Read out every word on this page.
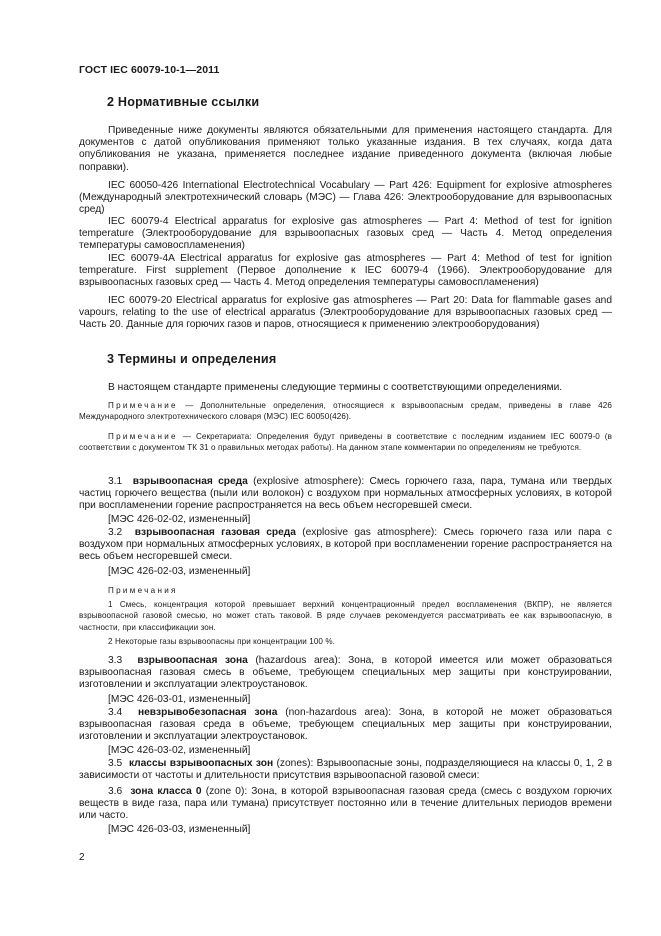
ГОСТ IEC 60079-10-1—2011
2 Нормативные ссылки
Приведенные ниже документы являются обязательными для применения настоящего стандарта. Для документов с датой опубликования применяют только указанные издания. В тех случаях, когда дата опубликования не указана, применяется последнее издание приведенного документа (включая любые поправки).
IEC 60050-426 International Electrotechnical Vocabulary — Part 426: Equipment for explosive atmospheres (Международный электротехнический словарь (МЭС) — Глава 426: Электрооборудование для взрывоопасных сред)
IEC 60079-4 Electrical apparatus for explosive gas atmospheres — Part 4: Method of test for ignition temperature (Электрооборудование для взрывоопасных газовых сред — Часть 4. Метод определения температуры самовоспламенения)
IEC 60079-4A Electrical apparatus for explosive gas atmospheres — Part 4: Method of test for ignition temperature. First supplement (Первое дополнение к IEC 60079-4 (1966). Электрооборудование для взрывоопасных газовых сред — Часть 4. Метод определения температуры самовоспламенения)
IEC 60079-20 Electrical apparatus for explosive gas atmospheres — Part 20: Data for flammable gases and vapours, relating to the use of electrical apparatus (Электрооборудование для взрывоопасных газовых сред — Часть 20. Данные для горючих газов и паров, относящиеся к применению электрооборудования)
3 Термины и определения
В настоящем стандарте применены следующие термины с соответствующими определениями.
Примечание — Дополнительные определения, относящиеся к взрывоопасным средам, приведены в главе 426 Международного электротехнического словаря (МЭС) IEC 60050(426).
Примечание — Секретариата: Определения будут приведены в соответствие с последним изданием IEC 60079-0 (в соответствии с документом ТК 31 о правильных методах работы). На данном этапе комментарии по определениям не требуются.
3.1 взрывоопасная среда (explosive atmosphere): Смесь горючего газа, пара, тумана или твердых частиц горючего вещества (пыли или волокон) с воздухом при нормальных атмосферных условиях, в которой при воспламенении горение распространяется на весь объем несгоревшей смеси.
[МЭС 426-02-02, измененный]
3.2 взрывоопасная газовая среда (explosive gas atmosphere): Смесь горючего газа или пара с воздухом при нормальных атмосферных условиях, в которой при воспламенении горение распространяется на весь объем несгоревшей смеси.
[МЭС 426-02-03, измененный]
Примечания
1 Смесь, концентрация которой превышает верхний концентрационный предел воспламенения (ВКПР), не является взрывоопасной газовой смесью, но может стать таковой. В ряде случаев рекомендуется рассматривать ее как взрывоопасную, в частности, при классификации зон.
2 Некоторые газы взрывоопасны при концентрации 100 %.
3.3 взрывоопасная зона (hazardous area): Зона, в которой имеется или может образоваться взрывоопасная газовая смесь в объеме, требующем специальных мер защиты при конструировании, изготовлении и эксплуатации электроустановок.
[МЭС 426-03-01, измененный]
3.4 невзрывобезопасная зона (non-hazardous area): Зона, в которой не может образоваться взрывоопасная газовая среда в объеме, требующем специальных мер защиты при конструировании, изготовлении и эксплуатации электроустановок.
[МЭС 426-03-02, измененный]
3.5 классы взрывоопасных зон (zones): Взрывоопасные зоны, подразделяющиеся на классы 0, 1, 2 в зависимости от частоты и длительности присутствия взрывоопасной газовой смеси:
3.6 зона класса 0 (zone 0): Зона, в которой взрывоопасная газовая среда (смесь с воздухом горючих веществ в виде газа, пара или тумана) присутствует постоянно или в течение длительных периодов времени или часто.
[МЭС 426-03-03, измененный]
2
